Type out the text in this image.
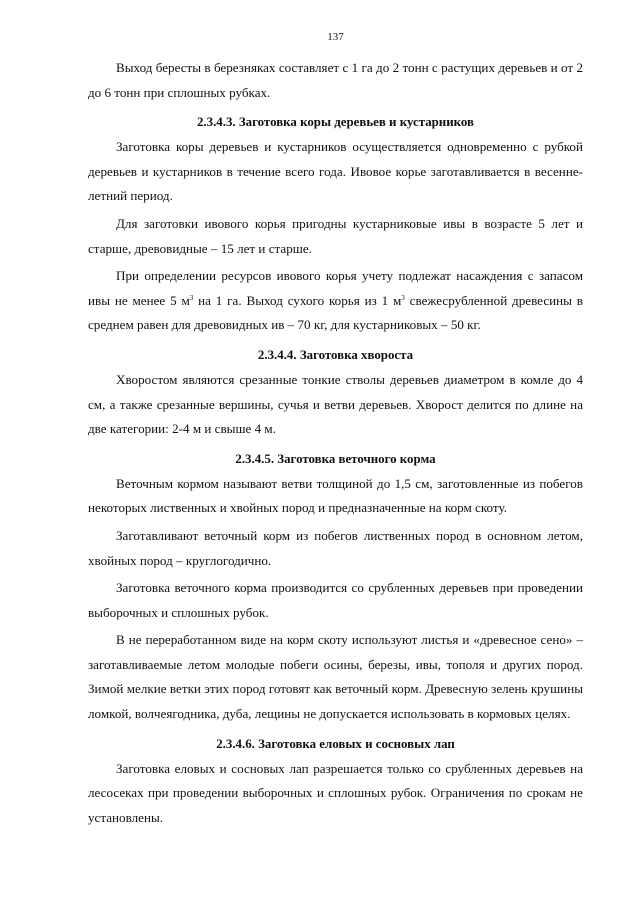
137

Выход бересты в березняках составляет с 1 га до 2 тонн с растущих деревьев и от 2 до 6 тонн при сплошных рубках.

2.3.4.3. Заготовка коры деревьев и кустарников

Заготовка коры деревьев и кустарников осуществляется одновременно с рубкой деревьев и кустарников в течение всего года. Ивовое корье заготавливается в весенне-летний период.

Для заготовки ивового корья пригодны кустарниковые ивы в возрасте 5 лет и старше, древовидные – 15 лет и старше.

При определении ресурсов ивового корья учету подлежат насаждения с запасом ивы не менее 5 $м^3$ на 1 га. Выход сухого корья из 1 $м^3$ свежесрубленной древесины в среднем равен для древовидных ив – 70 кг, для кустарниковых – 50 кг.

2.3.4.4. Заготовка хвороста

Хворостом являются срезанные тонкие стволы деревьев диаметром в комле до 4 см, а также срезанные вершины, сучья и ветви деревьев. Хворост делится по длине на две категории: 2-4 м и свыше 4 м.

2.3.4.5. Заготовка веточного корма

Веточным кормом называют ветви толщиной до 1,5 см, заготовленные из побегов некоторых лиственных и хвойных пород и предназначенные на корм скоту.

Заготавливают веточный корм из побегов лиственных пород в основном летом, хвойных пород – круглогодично.

Заготовка веточного корма производится со срубленных деревьев при проведении выборочных и сплошных рубок.

В не переработанном виде на корм скоту используют листья и «древесное сено» – заготавливаемые летом молодые побеги осины, березы, ивы, тополя и других пород. Зимой мелкие ветки этих пород готовят как веточный корм. Древесную зелень крушины ломкой, волчеягодника, дуба, лещины не допускается использовать в кормовых целях.

2.3.4.6. Заготовка еловых и сосновых лап

Заготовка еловых и сосновых лап разрешается только со срубленных деревьев на лесосеках при проведении выборочных и сплошных рубок. Ограничения по срокам не установлены.
